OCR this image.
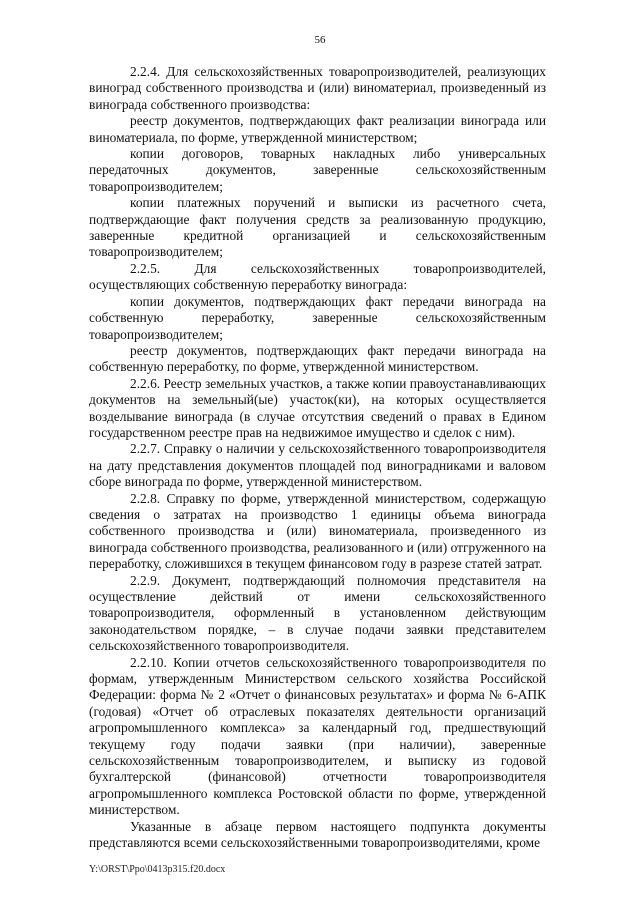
56

2.2.4. Для сельскохозяйственных товаропроизводителей, реализующих виноград собственного производства и (или) виноматериал, произведенный из винограда собственного производства:

реестр документов, подтверждающих факт реализации винограда или виноматериала, по форме, утвержденной министерством;

копии договоров, товарных накладных либо универсальных передаточных документов, заверенные сельскохозяйственным товаропроизводителем;

копии платежных поручений и выписки из расчетного счета, подтверждающие факт получения средств за реализованную продукцию, заверенные кредитной организацией и сельскохозяйственным товаропроизводителем;

2.2.5. Для сельскохозяйственных товаропроизводителей, осуществляющих собственную переработку винограда:

копии документов, подтверждающих факт передачи винограда на собственную переработку, заверенные сельскохозяйственным товаропроизводителем;

реестр документов, подтверждающих факт передачи винограда на собственную переработку, по форме, утвержденной министерством.

2.2.6. Реестр земельных участков, а также копии правоустанавливающих документов на земельный(ые) участок(ки), на которых осуществляется возделывание винограда (в случае отсутствия сведений о правах в Едином государственном реестре прав на недвижимое имущество и сделок с ним).

2.2.7. Справку о наличии у сельскохозяйственного товаропроизводителя на дату представления документов площадей под виноградниками и валовом сборе винограда по форме, утвержденной министерством.

2.2.8. Справку по форме, утвержденной министерством, содержащую сведения о затратах на производство 1 единицы объема винограда собственного производства и (или) виноматериала, произведенного из винограда собственного производства, реализованного и (или) отгруженного на переработку, сложившихся в текущем финансовом году в разрезе статей затрат.

2.2.9. Документ, подтверждающий полномочия представителя на осуществление действий от имени сельскохозяйственного товаропроизводителя, оформленный в установленном действующим законодательством порядке, – в случае подачи заявки представителем сельскохозяйственного товаропроизводителя.

2.2.10. Копии отчетов сельскохозяйственного товаропроизводителя по формам, утвержденным Министерством сельского хозяйства Российской Федерации: форма № 2 «Отчет о финансовых результатах» и форма № 6-АПК (годовая) «Отчет об отраслевых показателях деятельности организаций агропромышленного комплекса» за календарный год, предшествующий текущему году подачи заявки (при наличии), заверенные сельскохозяйственным товаропроизводителем, и выписку из годовой бухгалтерской (финансовой) отчетности товаропроизводителя агропромышленного комплекса Ростовской области по форме, утвержденной министерством.

Указанные в абзаце первом настоящего подпункта документы представляются всеми сельскохозяйственными товаропроизводителями, кроме

Y:\ORST\Ppo\0413p315.f20.docx
